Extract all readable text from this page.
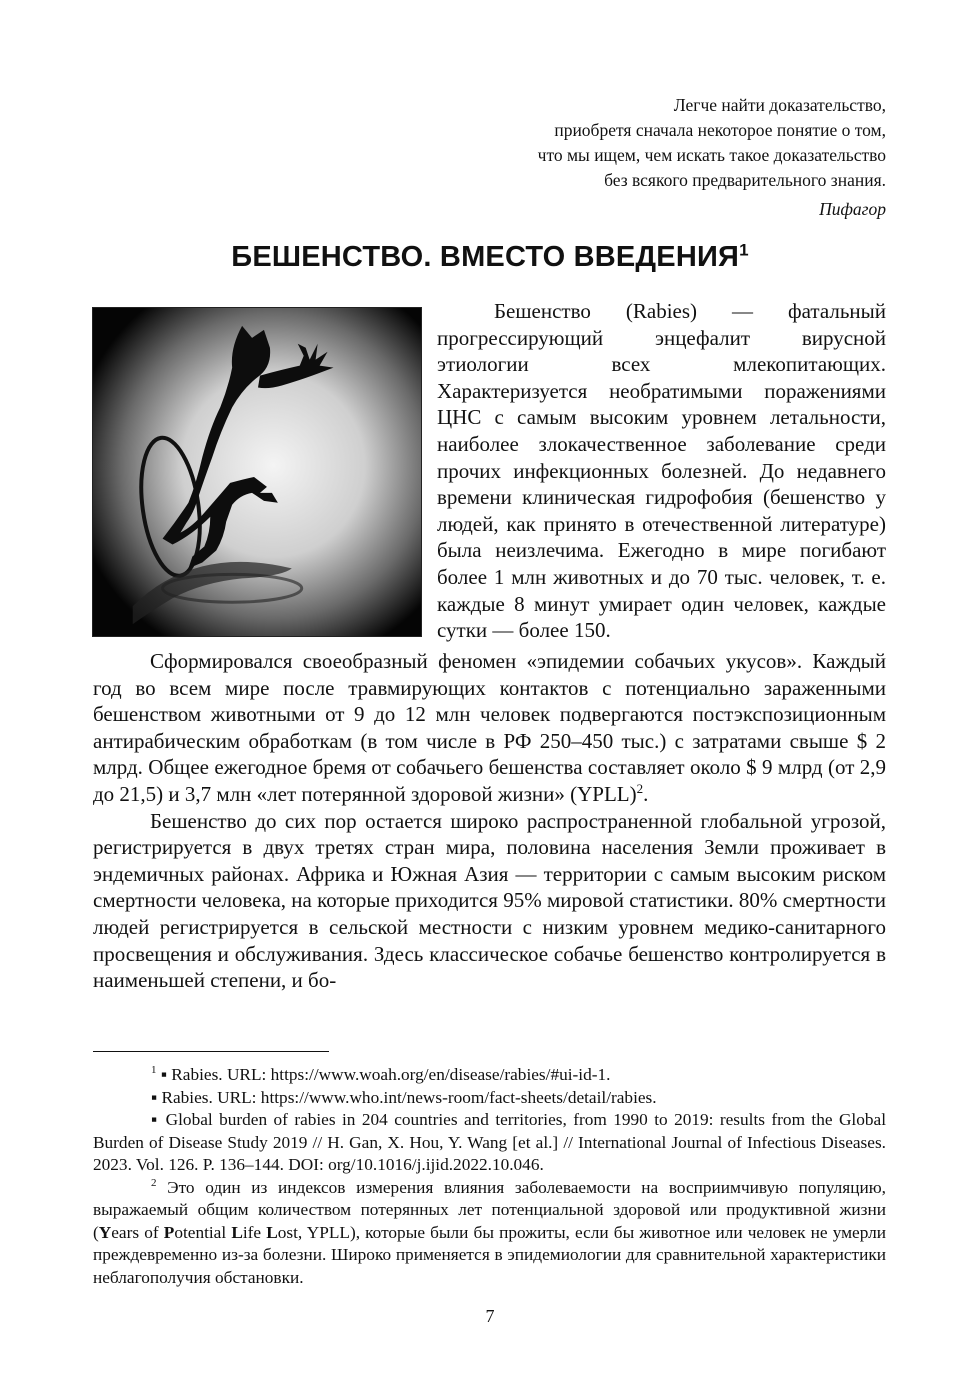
Легче найти доказательство,
приобретя сначала некоторое понятие о том,
что мы ищем, чем искать такое доказательство
без всякого предварительного знания.
Пифагор
БЕШЕНСТВО. ВМЕСТО ВВЕДЕНИЯ$^1$

Бешенство (Rabies) — фатальный прогрессирующий энцефалит вирусной этиологии всех млекопитающих. Характеризуется необратимыми поражениями ЦНС с самым высоким уровнем летальности, наиболее злокачественное заболевание среди прочих инфекционных болезней. До недавнего времени клиническая гидрофобия (бешенство у людей, как принято в отечественной литературе) была неизлечима. Ежегодно в мире погибают более 1 млн животных и до 70 тыс. человек, т. е. каждые 8 минут умирает один человек, каждые сутки — более 150.

Сформировался своеобразный феномен «эпидемии собачьих укусов». Каждый год во всем мире после травмирующих контактов с потенциально зараженными бешенством животными от 9 до 12 млн человек подвергаются постэкспозиционным антирабическим обработкам (в том числе в РФ 250–450 тыс.) с затратами свыше $ 2 млрд. Общее ежегодное бремя от собачьего бешенства составляет около $ 9 млрд (от 2,9 до 21,5) и 3,7 млн «лет потерянной здоровой жизни» (YPLL)$^2$.

Бешенство до сих пор остается широко распространенной глобальной угрозой, регистрируется в двух третях стран мира, половина населения Земли проживает в эндемичных районах. Африка и Южная Азия — территории с самым высоким риском смертности человека, на которые приходится 95% мировой статистики. 80% смертности людей регистрируется в сельской местности с низким уровнем медико-санитарного просвещения и обслуживания. Здесь классическое собачье бешенство контролируется в наименьшей степени, и бо-

$^1$ ▪ Rabies. URL: https://www.woah.org/en/disease/rabies/#ui-id-1.

▪ Rabies. URL: https://www.who.int/news-room/fact-sheets/detail/rabies.

▪ Global burden of rabies in 204 countries and territories, from 1990 to 2019: results from the Global Burden of Disease Study 2019 // H. Gan, X. Hou, Y. Wang [et al.] // International Journal of Infectious Diseases. 2023. Vol. 126. P. 136–144. DOI: org/10.1016/j.ijid.2022.10.046.

$^2$ Это один из индексов измерения влияния заболеваемости на восприимчивую популяцию, выражаемый общим количеством потерянных лет потенциальной здоровой или продуктивной жизни (Years of Potential Life Lost, YPLL), которые были бы прожиты, если бы животное или человек не умерли преждевременно из-за болезни. Широко применяется в эпидемиологии для сравнительной характеристики неблагополучия обстановки.

7
